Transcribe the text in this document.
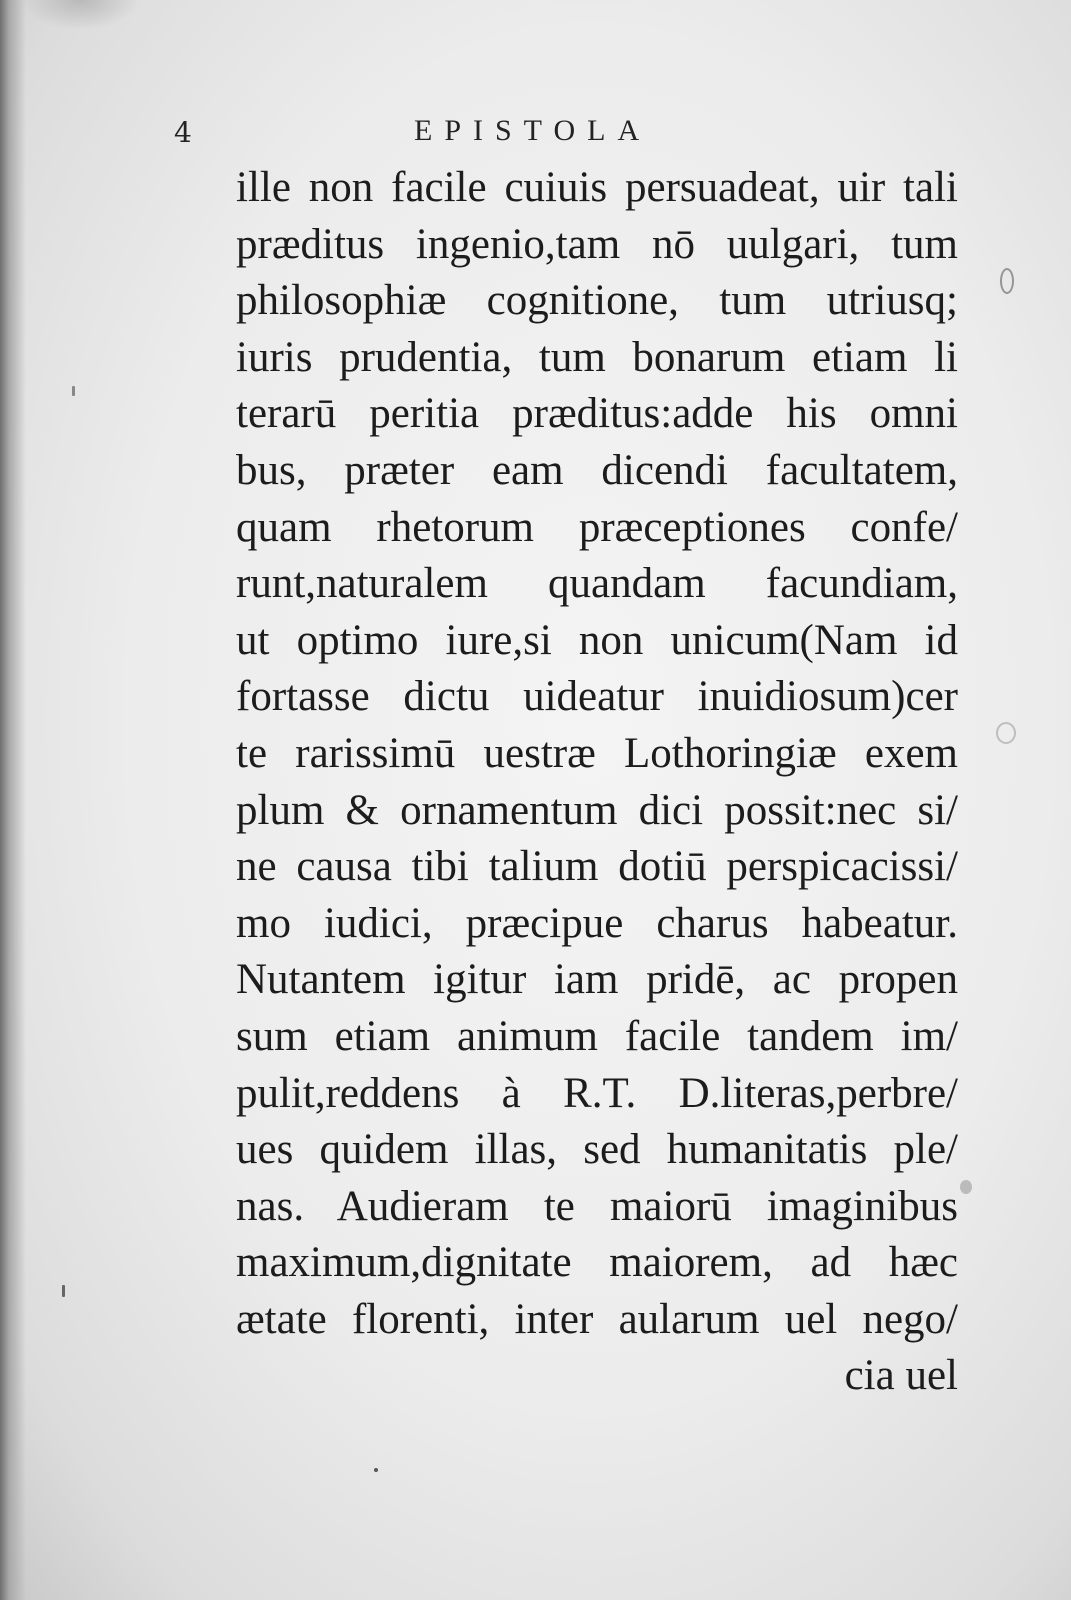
4	EPISTOLA
ille non facile cuiuis persuadeat, uir tali
præditus ingenio,tam nō uulgari, tum
philosophiæ cognitione, tum utriusq;
iuris prudentia, tum bonarum etiam li
terarū peritia præditus:adde his omni
bus, præter eam dicendi facultatem,
quam rhetorum præceptiones confe/
runt,naturalem quandam facundiam,
ut optimo iure,si non unicum(Nam id
fortasse dictu uideatur inuidiosum)cer
te rarissimū uestræ Lothoringiæ exem
plum & ornamentum dici possit:nec si/
ne causa tibi talium dotiū perspicacissi/
mo iudici, præcipue charus habeatur.
Nutantem igitur iam pridē, ac propen
sum etiam animum facile tandem im/
pulit,reddens à R.T. D.literas,perbre/
ues quidem illas, sed humanitatis ple/
nas. Audieram te maiorū imaginibus
maximum,dignitate maiorem, ad hæc
ætate florenti, inter aularum uel nego/
cia uel
